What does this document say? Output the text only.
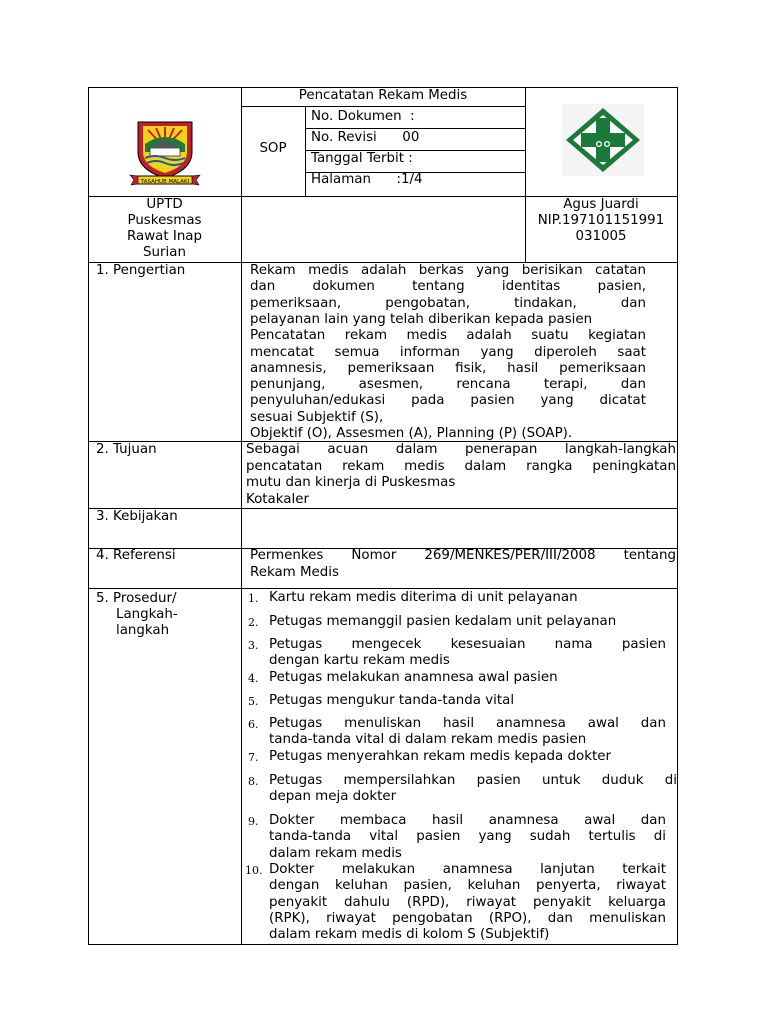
TASAHUB MALAKI
Pencatatan Rekam Medis
SOP
No. Dokumen  :
No. Revisi      00
Tanggal Terbit :
Halaman      :1/4
UPTD
Puskesmas
Rawat Inap
Surian
Agus Juardi
NIP.197101151991
031005
1. Pengertian
2. Tujuan
3. Kebijakan
4. Referensi
5. Prosedur/
Langkah-
langkah
Rekam medis adalah berkas yang berisikan catatan
dan dokumen tentang identitas pasien,
pemeriksaan, pengobatan, tindakan, dan
pelayanan lain yang telah diberikan kepada pasien
Pencatatan rekam medis adalah suatu kegiatan
mencatat semua informan yang diperoleh saat
anamnesis, pemeriksaan fisik, hasil pemeriksaan
penunjang, asesmen, rencana terapi, dan
penyuluhan/edukasi pada pasien yang dicatat
sesuai Subjektif (S),
Objektif (O), Assesmen (A), Planning (P) (SOAP).
Sebagai acuan dalam penerapan langkah-langkah
pencatatan rekam medis dalam rangka peningkatan
mutu dan kinerja di Puskesmas
Kotakaler
Permenkes Nomor 269/MENKES/PER/III/2008 tentang
Rekam Medis
1. Kartu rekam medis diterima di unit pelayanan
2. Petugas memanggil pasien kedalam unit pelayanan
3. Petugas mengecek kesesuaian nama pasien
dengan kartu rekam medis
4. Petugas melakukan anamnesa awal pasien
5. Petugas mengukur tanda-tanda vital
6. Petugas menuliskan hasil anamnesa awal dan
tanda-tanda vital di dalam rekam medis pasien
7. Petugas menyerahkan rekam medis kepada dokter
8. Petugas mempersilahkan pasien untuk duduk di
depan meja dokter
9. Dokter membaca hasil anamnesa awal dan
tanda-tanda vital pasien yang sudah tertulis di
dalam rekam medis
10. Dokter melakukan anamnesa lanjutan terkait
dengan keluhan pasien, keluhan penyerta, riwayat
penyakit dahulu (RPD), riwayat penyakit keluarga
(RPK), riwayat pengobatan (RPO), dan menuliskan
dalam rekam medis di kolom S (Subjektif)
